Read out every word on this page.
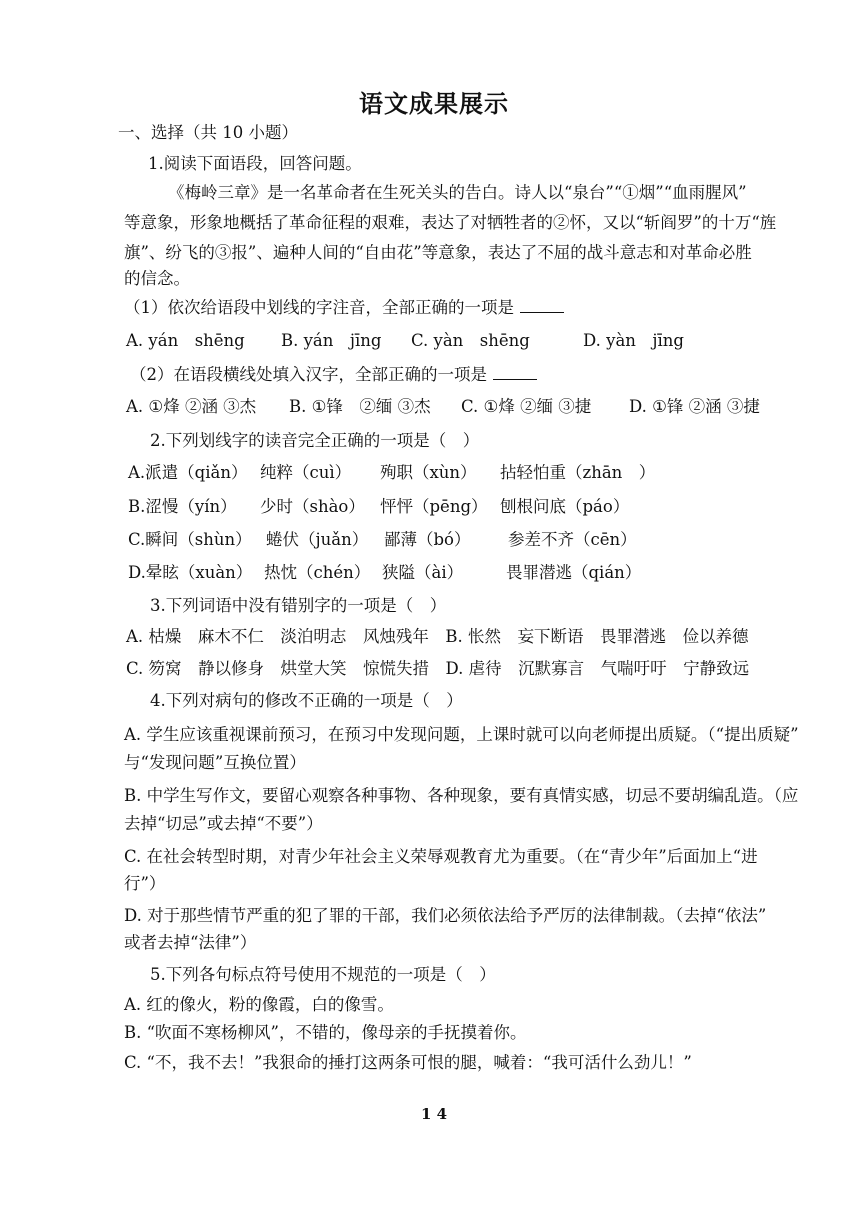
语文成果展示
一、选择（共 10 小题）
1.阅读下面语段，回答问题。
《梅岭三章》是一名革命者在生死关头的告白。诗人以“泉台”“①烟”“血雨腥风”
等意象，形象地概括了革命征程的艰难，表达了对牺牲者的②怀，又以“斩阎罗”的十万“旌
旗”、纷飞的③报”、遍种人间的“自由花”等意象，表达了不屈的战斗意志和对革命必胜
的信念。
（1）依次给语段中划线的字注音，全部正确的一项是
A. yán　shēng	B. yán　jīng	C. yàn　shēng	D. yàn　jīng
（2）在语段横线处填入汉字，全部正确的一项是
A. ①烽 ②涵 ③杰	B. ①锋　②缅 ③杰	C. ①烽 ②缅 ③捷	D. ①锋 ②涵 ③捷
2.下列划线字的读音完全正确的一项是（　）
A.派遣（qiǎn） 纯粹（cuì）	殉职（xùn）	拈轻怕重（zhān　）
B.涩慢（yín）	少时（shào） 怦怦（pēng） 刨根问底（páo）
C.瞬间（shùn） 蜷伏（juǎn） 鄙薄（bó）	参差不齐（cēn）
D.晕眩（xuàn） 热忱（chén） 狭隘（ài）	畏罪潜逃（qián）
3.下列词语中没有错别字的一项是（　）
A. 枯燥　麻木不仁　淡泊明志　风烛残年　B. 怅然　妄下断语　畏罪潜逃　俭以养德
C. 笏窝　静以修身　烘堂大笑　惊慌失措　D. 虐待　沉默寡言　气喘吁吁　宁静致远
4.下列对病句的修改不正确的一项是（　）
A. 学生应该重视课前预习，在预习中发现问题，上课时就可以向老师提出质疑。（“提出质疑”
与“发现问题”互换位置）
B. 中学生写作文，要留心观察各种事物、各种现象，要有真情实感，切忌不要胡编乱造。（应
去掉“切忌”或去掉“不要”）
C. 在社会转型时期，对青少年社会主义荣辱观教育尤为重要。（在“青少年”后面加上“进
行”）
D. 对于那些情节严重的犯了罪的干部，我们必须依法给予严厉的法律制裁。（去掉“依法”
或者去掉“法律”）
5.下列各句标点符号使用不规范的一项是（　）
A. 红的像火，粉的像霞，白的像雪。
B. “吹面不寒杨柳风”，不错的，像母亲的手抚摸着你。
C. “不，我不去！”我狠命的捶打这两条可恨的腿，喊着：“我可活什么劲儿！”
1 4
